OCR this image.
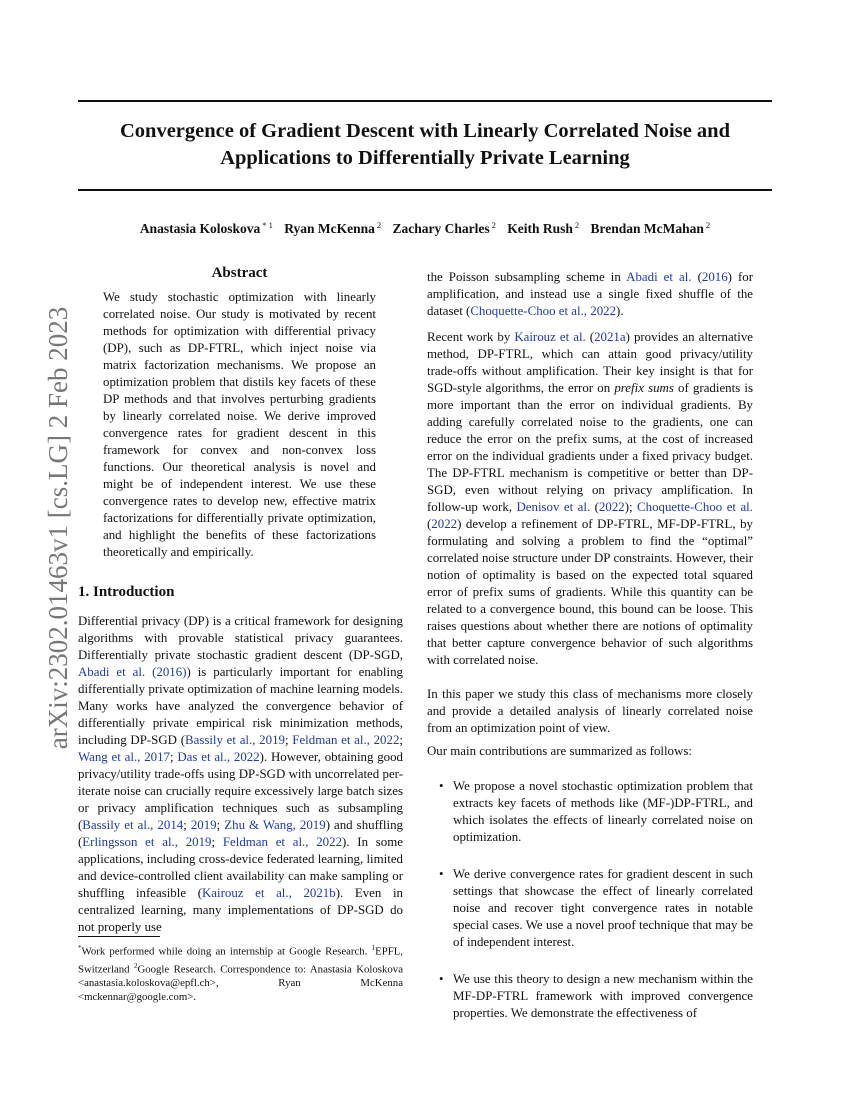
Convergence of Gradient Descent with Linearly Correlated Noise and
Applications to Differentially Private Learning
Anastasia Koloskova $^{* 1}$ Ryan McKenna $^2$ Zachary Charles $^2$ Keith Rush $^2$ Brendan McMahan $^2$
arXiv:2302.01463v1 [cs.LG] 2 Feb 2023
Abstract

We study stochastic optimization with linearly correlated noise. Our study is motivated by recent methods for optimization with differential privacy (DP), such as DP-FTRL, which inject noise via matrix factorization mechanisms. We propose an optimization problem that distils key facets of these DP methods and that involves perturbing gradients by linearly correlated noise. We derive improved convergence rates for gradient descent in this framework for convex and non-convex loss functions. Our theoretical analysis is novel and might be of independent interest. We use these convergence rates to develop new, effective matrix factorizations for differentially private optimization, and highlight the benefits of these factorizations theoretically and empirically.

1. Introduction

Differential privacy (DP) is a critical framework for designing algorithms with provable statistical privacy guarantees. Differentially private stochastic gradient descent (DP-SGD, Abadi et al. (2016)) is particularly important for enabling differentially private optimization of machine learning models. Many works have analyzed the convergence behavior of differentially private empirical risk minimization methods, including DP-SGD (Bassily et al., 2019; Feldman et al., 2022; Wang et al., 2017; Das et al., 2022). However, obtaining good privacy/utility trade-offs using DP-SGD with uncorrelated per-iterate noise can crucially require excessively large batch sizes or privacy amplification techniques such as subsampling (Bassily et al., 2014; 2019; Zhu & Wang, 2019) and shuffling (Erlingsson et al., 2019; Feldman et al., 2022). In some applications, including cross-device federated learning, limited and device-controlled client availability can make sampling or shuffling infeasible (Kairouz et al., 2021b). Even in centralized learning, many implementations of DP-SGD do not properly use

the Poisson subsampling scheme in Abadi et al. (2016) for amplification, and instead use a single fixed shuffle of the dataset (Choquette-Choo et al., 2022).

Recent work by Kairouz et al. (2021a) provides an alternative method, DP-FTRL, which can attain good privacy/utility trade-offs without amplification. Their key insight is that for SGD-style algorithms, the error on prefix sums of gradients is more important than the error on individual gradients. By adding carefully correlated noise to the gradients, one can reduce the error on the prefix sums, at the cost of increased error on the individual gradients under a fixed privacy budget. The DP-FTRL mechanism is competitive or better than DP-SGD, even without relying on privacy amplification. In follow-up work, Denisov et al. (2022); Choquette-Choo et al. (2022) develop a refinement of DP-FTRL, MF-DP-FTRL, by formulating and solving a problem to find the “optimal” correlated noise structure under DP constraints. However, their notion of optimality is based on the expected total squared error of prefix sums of gradients. While this quantity can be related to a convergence bound, this bound can be loose. This raises questions about whether there are notions of optimality that better capture convergence behavior of such algorithms with correlated noise.

In this paper we study this class of mechanisms more closely and provide a detailed analysis of linearly correlated noise from an optimization point of view.

Our main contributions are summarized as follows:

• We propose a novel stochastic optimization problem that extracts key facets of methods like (MF-)DP-FTRL, and which isolates the effects of linearly correlated noise on optimization.
• We derive convergence rates for gradient descent in such settings that showcase the effect of linearly correlated noise and recover tight convergence rates in notable special cases. We use a novel proof technique that may be of independent interest.
• We use this theory to design a new mechanism within the MF-DP-FTRL framework with improved convergence properties. We demonstrate the effectiveness of

*Work performed while doing an internship at Google Research. $^1$EPFL, Switzerland $^2$Google Research. Correspondence to: Anastasia Koloskova <anastasia.koloskova@epfl.ch>, Ryan McKenna <mckennar@google.com>.
